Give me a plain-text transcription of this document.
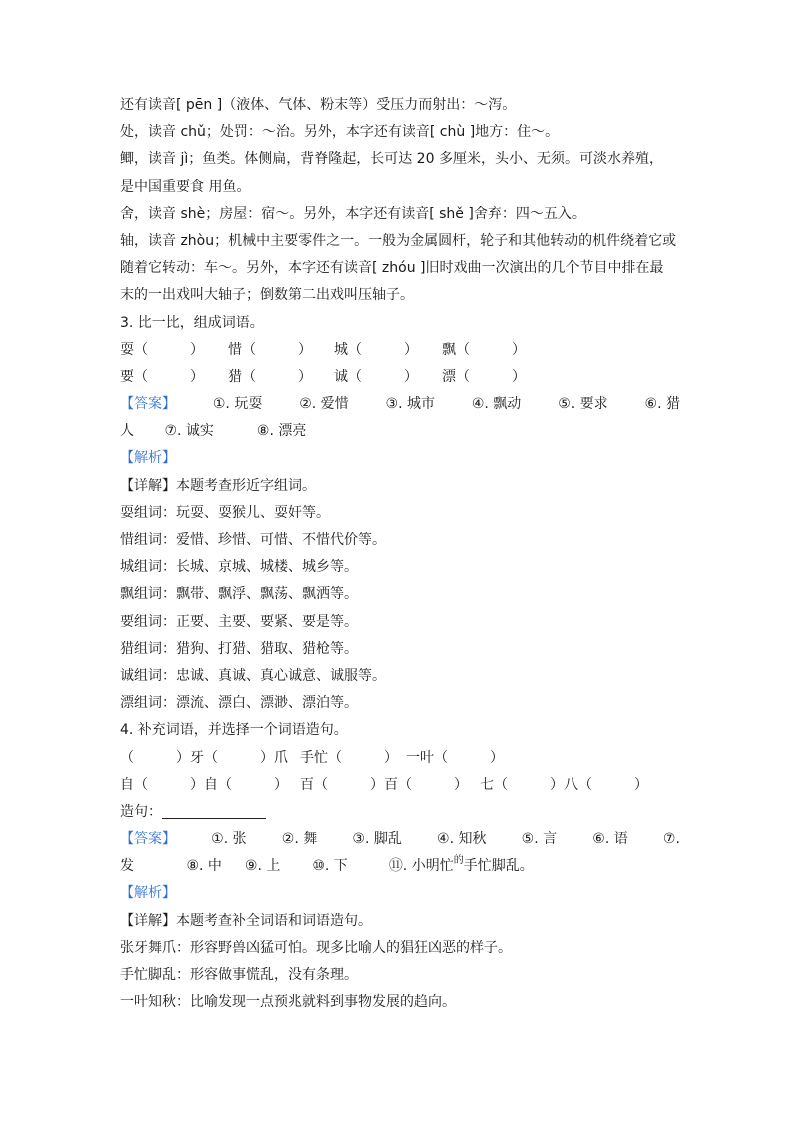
还有读音[ pēn ]（液体、气体、粉末等）受压力而射出：～泻。
处，读音 chǔ；处罚：～治。另外，本字还有读音[ chù ]地方：住～。
鲫，读音 jì；鱼类。体侧扁，背脊隆起，长可达 20 多厘米，头小、无须。可淡水养殖，
是中国重要食 用鱼。
舍，读音 shè；房屋：宿～。另外，本字还有读音[ shě ]舍弃：四～五入。
轴，读音 zhòu；机械中主要零件之一。一般为金属圆杆，轮子和其他转动的机件绕着它或
随着它转动：车～。另外，本字还有读音[ zhóu ]旧时戏曲一次演出的几个节目中排在最
末的一出戏叫大轴子；倒数第二出戏叫压轴子。
3. 比一比，组成词语。
耍（　　　）	惜（　　　）	城（　　　）	飘（　　　）
要（　　　）	猎（　　　）	诚（　　　）	漂（　　　）
【答案】	①. 玩耍	②. 爱惜	③. 城市	④. 飘动	⑤. 要求	⑥. 猎
人 ⑦. 诚实	⑧. 漂亮
【解析】
【详解】本题考查形近字组词。
耍组词：玩耍、耍猴儿、耍奸等。
惜组词：爱惜、珍惜、可惜、不惜代价等。
城组词：长城、京城、城楼、城乡等。
飘组词：飘带、飘浮、飘荡、飘洒等。
要组词：正要、主要、要紧、要是等。
猎组词：猎狗、打猎、猎取、猎枪等。
诚组词：忠诚、真诚、真心诚意、诚服等。
漂组词：漂流、漂白、漂渺、漂泊等。
4. 补充词语，并选择一个词语造句。
（　　　）牙（　　　）爪 手忙（　　　） 一叶（　　　）
自（　　　）自（　　　） 百（　　　）百（　　　） 七（　　　）八（　　　）
造句：
【答案】	①. 张	②. 舞	③. 脚乱	④. 知秋	⑤. 言	⑥. 语	⑦.
发	⑧. 中 ⑨. 上 ⑩. 下	⑪. 小明忙$^的$手忙脚乱。
【解析】
【详解】本题考查补全词语和词语造句。
张牙舞爪：形容野兽凶猛可怕。现多比喻人的猖狂凶恶的样子。
手忙脚乱：形容做事慌乱，没有条理。
一叶知秋：比喻发现一点预兆就料到事物发展的趋向。
